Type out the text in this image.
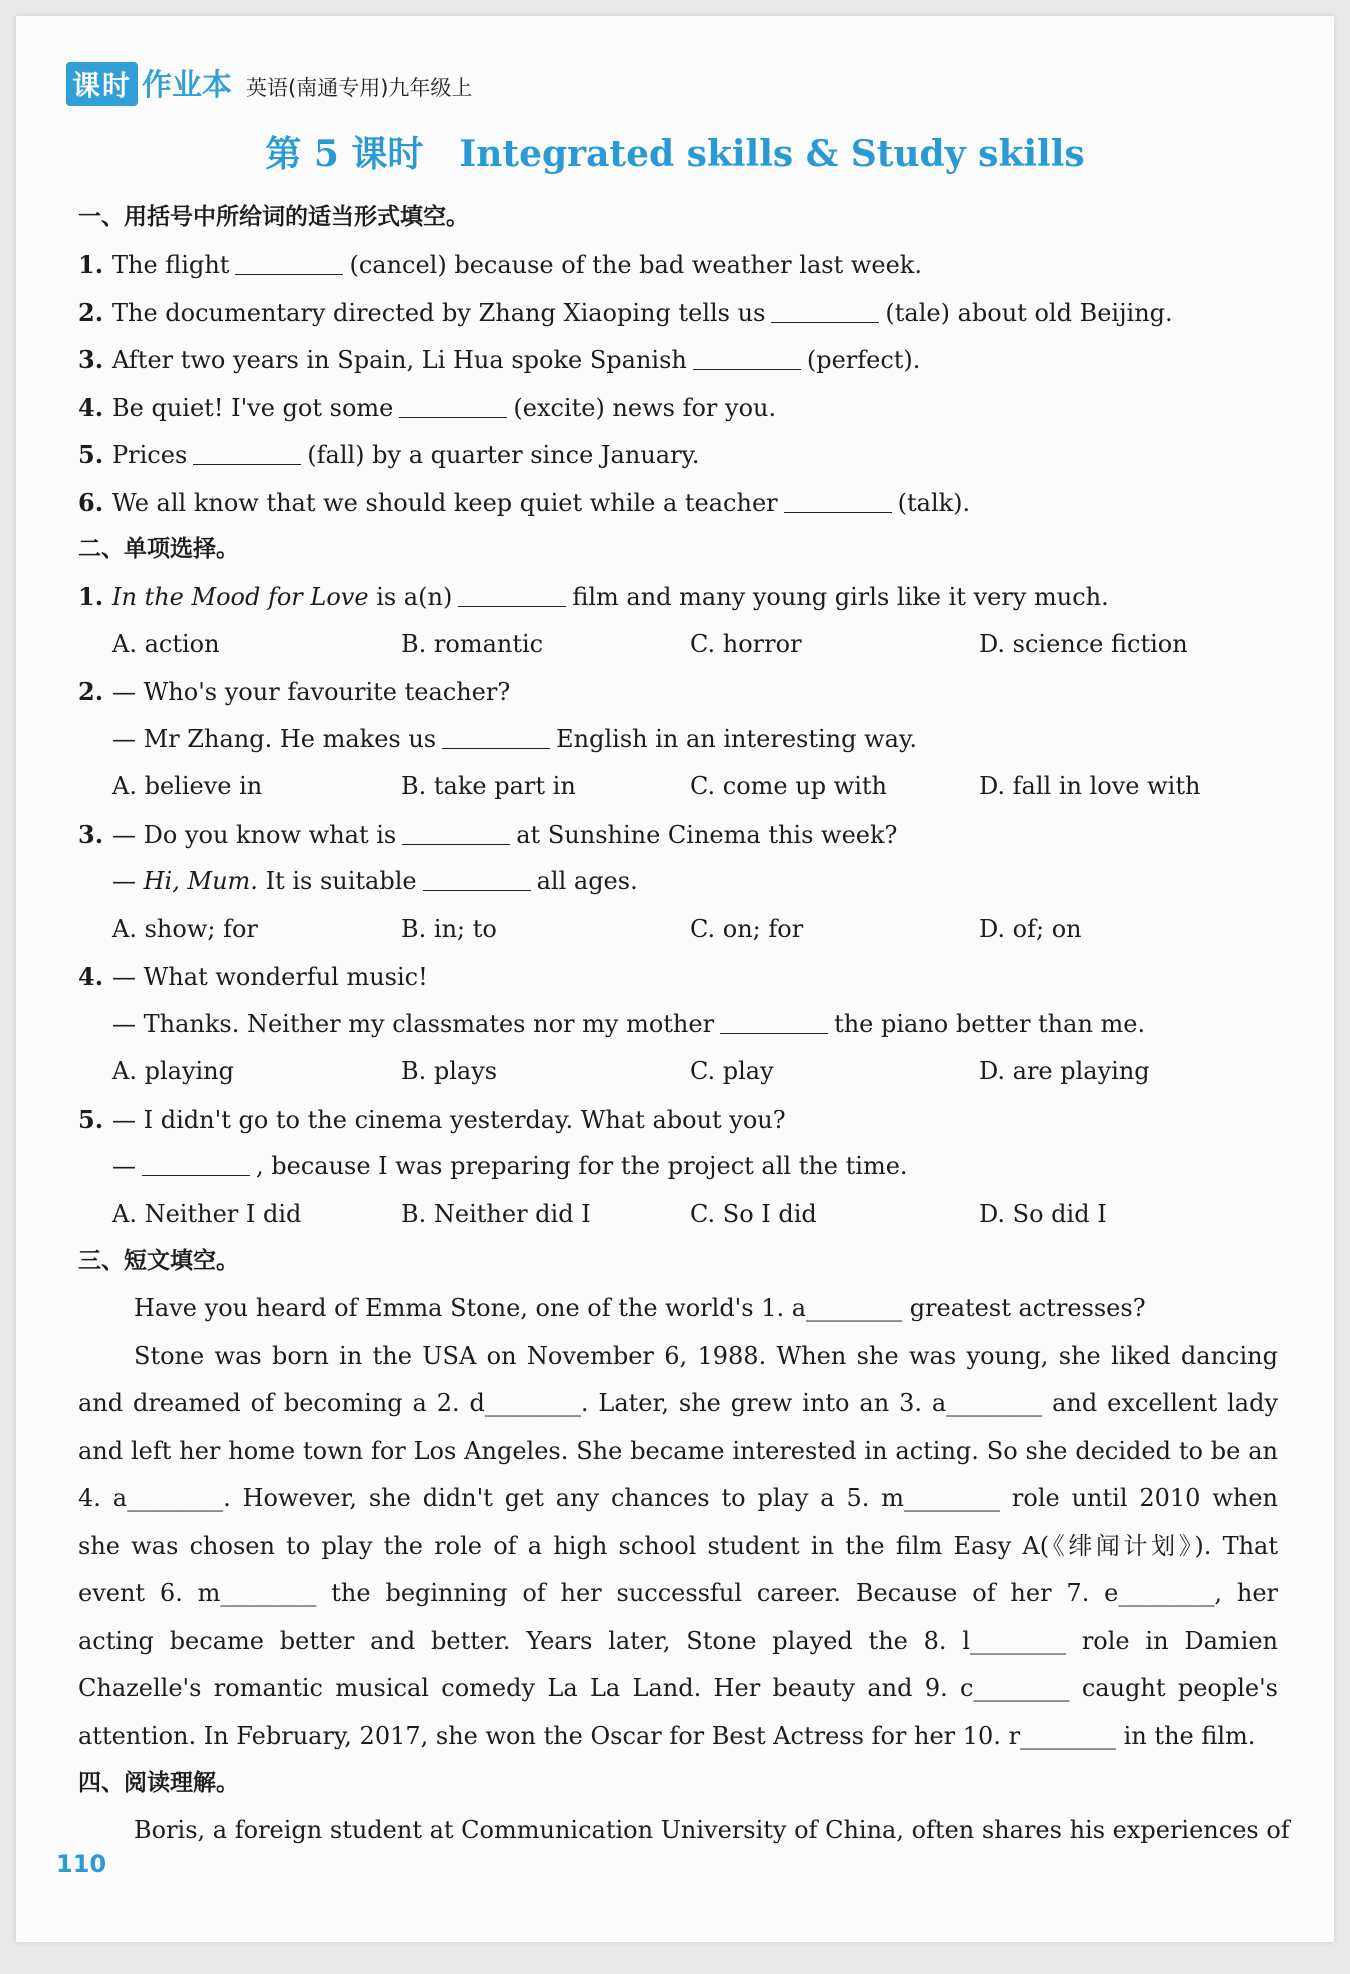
课时 作业本 英语(南通专用)九年级上
第 5 课时 Integrated skills & Study skills
一、用括号中所给词的适当形式填空。
1. The flight	(cancel) because of the bad weather last week.
2. The documentary directed by Zhang Xiaoping tells us	(tale) about old Beijing.
3. After two years in Spain, Li Hua spoke Spanish	(perfect).
4. Be quiet! I've got some	(excite) news for you.
5. Prices	(fall) by a quarter since January.
6. We all know that we should keep quiet while a teacher	(talk).
二、单项选择。
1. In the Mood for Love is a(n)	film and many young girls like it very much.
A. action	B. romantic	C. horror	D. science fiction
2. — Who's your favourite teacher?
— Mr Zhang. He makes us	English in an interesting way.
A. believe in	B. take part in	C. come up with	D. fall in love with
3. — Do you know what is	at Sunshine Cinema this week?
— Hi, Mum. It is suitable	all ages.
A. show; for	B. in; to	C. on; for	D. of; on
4. — What wonderful music!
— Thanks. Neither my classmates nor my mother	the piano better than me.
A. playing	B. plays	C. play	D. are playing
5. — I didn't go to the cinema yesterday. What about you?
—	, because I was preparing for the project all the time.
A. Neither I did	B. Neither did I	C. So I did	D. So did I
三、短文填空。
Have you heard of Emma Stone, one of the world's 1. a________ greatest actresses?
Stone was born in the USA on November 6, 1988. When she was young, she liked dancing
and dreamed of becoming a 2. d________. Later, she grew into an 3. a________ and excellent lady
and left her home town for Los Angeles. She became interested in acting. So she decided to be an
4. a________. However, she didn't get any chances to play a 5. m________ role until 2010 when
she was chosen to play the role of a high school student in the film Easy A(《绯闻计划》). That
event 6. m________ the beginning of her successful career. Because of her 7. e________, her
acting became better and better. Years later, Stone played the 8. l________ role in Damien
Chazelle's romantic musical comedy La La Land. Her beauty and 9. c________ caught people's
attention. In February, 2017, she won the Oscar for Best Actress for her 10. r________ in the film.
四、阅读理解。
Boris, a foreign student at Communication University of China, often shares his experiences of
110
